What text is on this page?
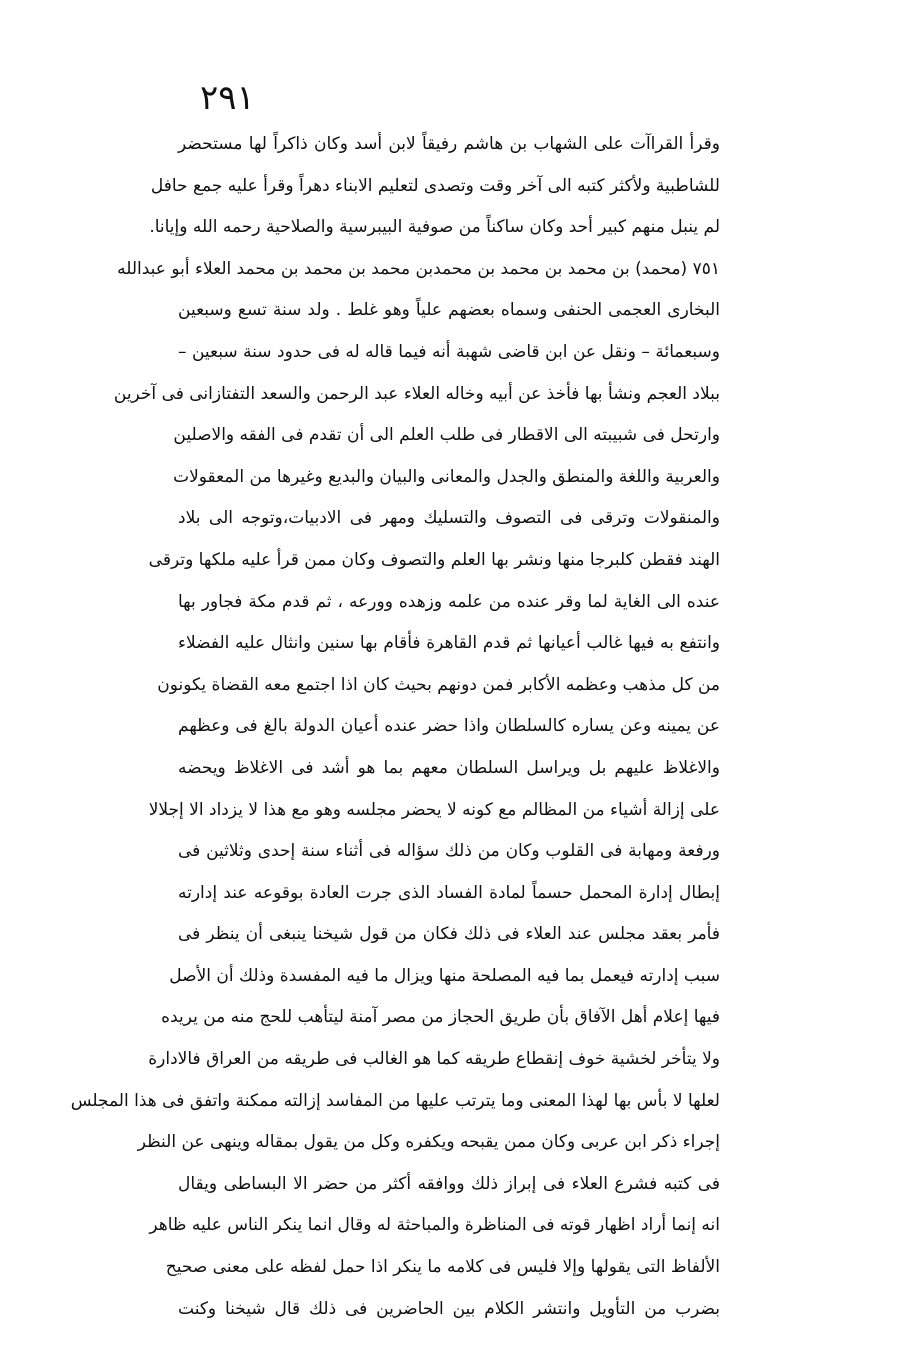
٢٩١
وقرأ القراآت على الشهاب بن هاشم رفيقاً لابن أسد وكان ذاكراً لها مستحضر
للشاطبية ولأكثر كتبه الى آخر وقت وتصدى لتعليم الابناء دهراً وقرأ عليه جمع حافل
لم ينبل منهم كبير أحد وكان ساكناً من صوفية البيبرسية والصلاحية رحمه الله وإيانا.
٧٥١ (محمد) بن محمد بن محمد بن محمدبن محمد بن محمد بن محمد العلاء أبو عبدالله
البخارى العجمى الحنفى وسماه بعضهم علياً وهو غلط . ولد سنة تسع وسبعين
وسبعمائة – ونقل عن ابن قاضى شهبة أنه فيما قاله له فى حدود سنة سبعين –
ببلاد العجم ونشأ بها فأخذ عن أبيه وخاله العلاء عبد الرحمن والسعد التفتازانى فى آخرين
وارتحل فى شبيبته الى الاقطار فى طلب العلم الى أن تقدم فى الفقه والاصلين
والعربية واللغة والمنطق والجدل والمعانى والبيان والبديع وغيرها من المعقولات
والمنقولات وترقى فى التصوف والتسليك ومهر فى الادبيات،وتوجه الى بلاد
الهند فقطن كلبرجا منها ونشر بها العلم والتصوف وكان ممن قرأ عليه ملكها وترقى
عنده الى الغاية لما وقر عنده من علمه وزهده وورعه ، ثم قدم مكة فجاور بها
وانتفع به فيها غالب أعيانها ثم قدم القاهرة فأقام بها سنين وانثال عليه الفضلاء
من كل مذهب وعظمه الأكابر فمن دونهم بحيث كان اذا اجتمع معه القضاة يكونون
عن يمينه وعن يساره كالسلطان واذا حضر عنده أعيان الدولة بالغ فى وعظهم
والاغلاظ عليهم بل ويراسل السلطان معهم بما هو أشد فى الاغلاظ ويحضه
على إزالة أشياء من المظالم مع كونه لا يحضر مجلسه وهو مع هذا لا يزداد الا إجلالا
ورفعة ومهابة فى القلوب وكان من ذلك سؤاله فى أثناء سنة إحدى وثلاثين فى
إبطال إدارة المحمل حسماً لمادة الفساد الذى جرت العادة بوقوعه عند إدارته
فأمر بعقد مجلس عند العلاء فى ذلك فكان من قول شيخنا ينبغى أن ينظر فى
سبب إدارته فيعمل بما فيه المصلحة منها ويزال ما فيه المفسدة وذلك أن الأصل
فيها إعلام أهل الآفاق بأن طريق الحجاز من مصر آمنة ليتأهب للحج منه من يريده
ولا يتأخر لخشية خوف إنقطاع طريقه كما هو الغالب فى طريقه من العراق فالادارة
لعلها لا بأس بها لهذا المعنى وما يترتب عليها من المفاسد إزالته ممكنة واتفق فى هذا المجلس
إجراء ذكر ابن عربى وكان ممن يقبحه ويكفره وكل من يقول بمقاله وينهى عن النظر
فى كتبه فشرع العلاء فى إبراز ذلك ووافقه أكثر من حضر الا البساطى ويقال
انه إنما أراد اظهار قوته فى المناظرة والمباحثة له وقال انما ينكر الناس عليه ظاهر
الألفاظ التى يقولها وإلا فليس فى كلامه ما ينكر اذا حمل لفظه على معنى صحيح
بضرب من التأويل وانتشر الكلام بين الحاضرين فى ذلك قال شيخنا وكنت
